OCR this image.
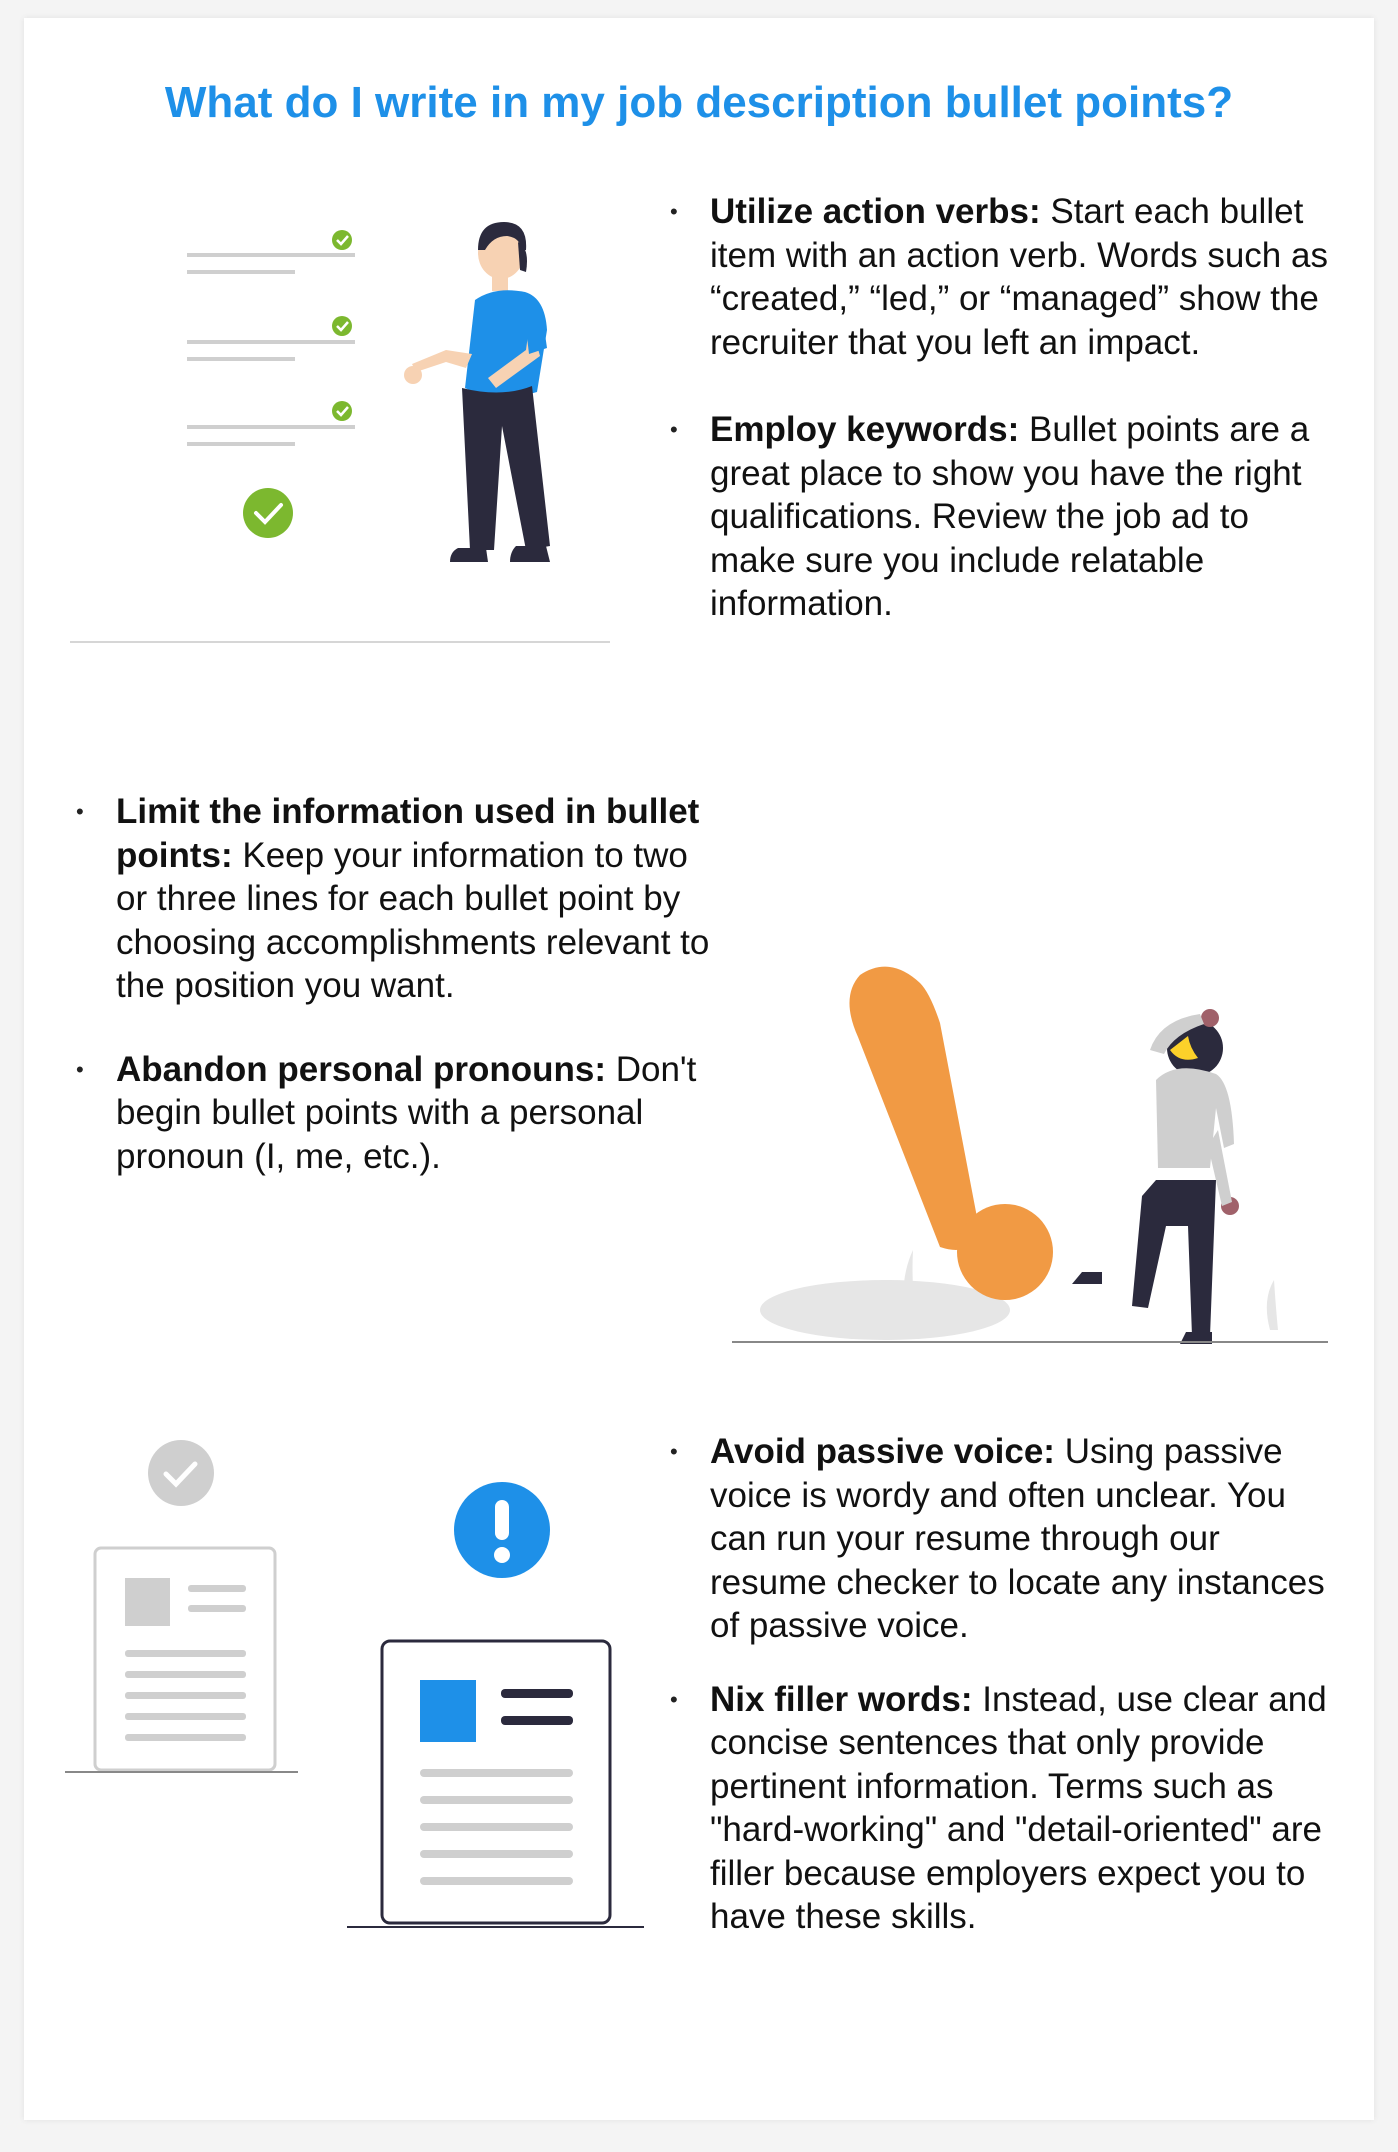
What do I write in my job description bullet points?
• Utilize action verbs: Start each bullet item with an action verb. Words such as “created,” “led,” or “managed” show the recruiter that you left an impact.
• Employ keywords: Bullet points are a great place to show you have the right qualifications. Review the job ad to make sure you include relatable information.
• Limit the information used in bullet points: Keep your information to two or three lines for each bullet point by choosing accomplishments relevant to the position you want.
• Abandon personal pronouns: Don't begin bullet points with a personal pronoun (I, me, etc.).
• Avoid passive voice: Using passive voice is wordy and often unclear. You can run your resume through our resume checker to locate any instances of passive voice.
• Nix filler words: Instead, use clear and concise sentences that only provide pertinent information. Terms such as "hard-working" and "detail-oriented" are filler because employers expect you to have these skills.
